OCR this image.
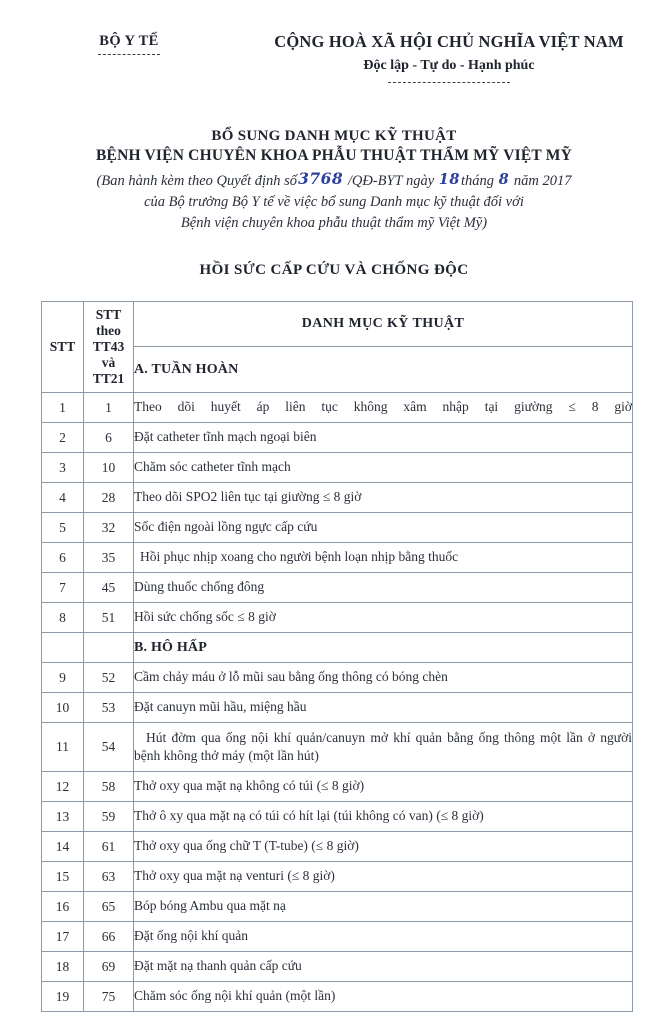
BỘ Y TẾ	CỘNG HOÀ XÃ HỘI CHỦ NGHĨA VIỆT NAM
Độc lập - Tự do - Hạnh phúc
BỔ SUNG DANH MỤC KỸ THUẬT
BỆNH VIỆN CHUYÊN KHOA PHẪU THUẬT THẨM MỸ VIỆT MỸ
(Ban hành kèm theo Quyết định số3768 /QĐ-BYT ngày 18tháng 8 năm 2017
của Bộ trưởng Bộ Y tế về việc bổ sung Danh mục kỹ thuật đối với
Bệnh viện chuyên khoa phẫu thuật thẩm mỹ Việt Mỹ)
HỒI SỨC CẤP CỨU VÀ CHỐNG ĐỘC
STT	STT
theo
TT43
và
TT21	DANH MỤC KỸ THUẬT
		A. TUẦN HOÀN
1	1	Theo dõi huyết áp liên tục không xâm nhập tại giường ≤ 8 giờ
2	6	Đặt catheter tĩnh mạch ngoại biên
3	10	Chăm sóc catheter tĩnh mạch
4	28	Theo dõi SPO2 liên tục tại giường ≤ 8 giờ
5	32	Sốc điện ngoài lồng ngực cấp cứu
6	35	Hồi phục nhịp xoang cho người bệnh loạn nhịp bằng thuốc
7	45	Dùng thuốc chống đông
8	51	Hồi sức chống sốc ≤ 8 giờ
		B. HÔ HẤP
9	52	Cầm chảy máu ở lỗ mũi sau bằng ống thông có bóng chèn
10	53	Đặt canuyn mũi hầu, miệng hầu
11	54	Hút đờm qua ống nội khí quản/canuyn mở khí quản bằng ống thông một lần ở người bệnh không thở máy (một lần hút)
12	58	Thở oxy qua mặt nạ không có túi (≤ 8 giờ)
13	59	Thở ô xy qua mặt nạ có túi có hít lại (túi không có van) (≤ 8 giờ)
14	61	Thở oxy qua ống chữ T (T-tube) (≤ 8 giờ)
15	63	Thở oxy qua mặt nạ venturi (≤ 8 giờ)
16	65	Bóp bóng Ambu qua mặt nạ
17	66	Đặt ống nội khí quản
18	69	Đặt mặt nạ thanh quản cấp cứu
19	75	Chăm sóc ống nội khí quản (một lần)
